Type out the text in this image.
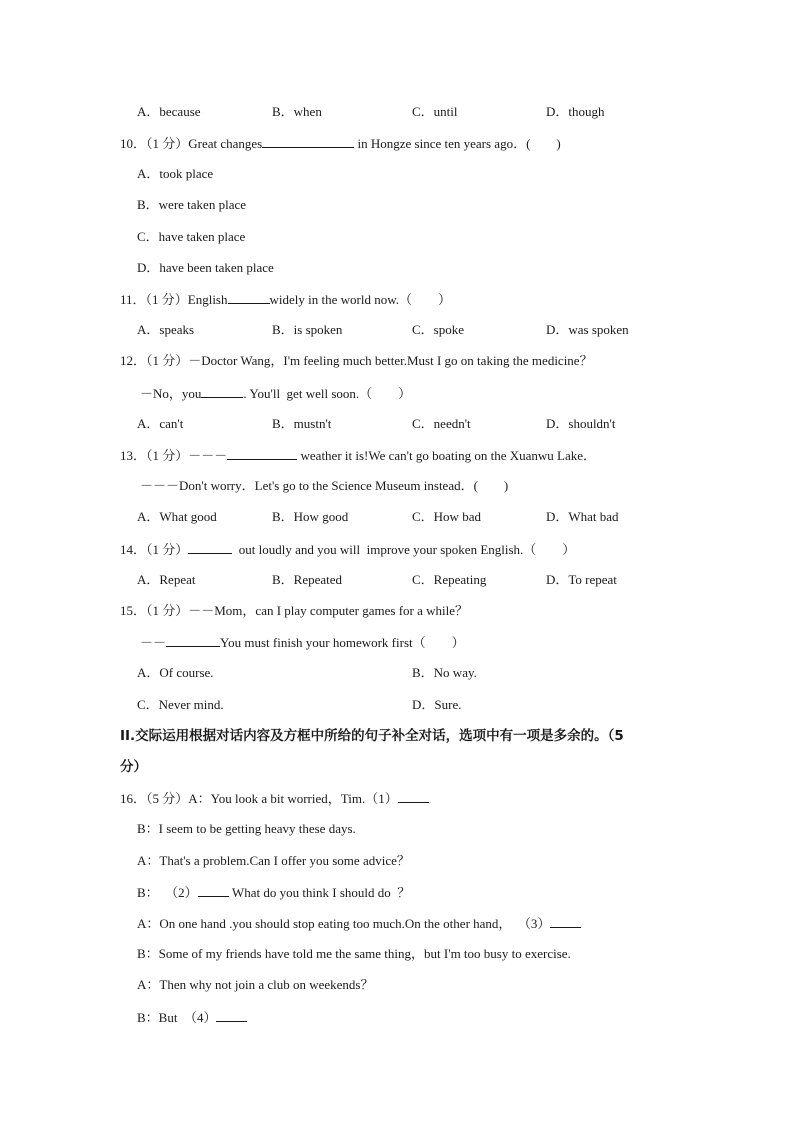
A．because	B．when	C．until	D．though
10．（1 分）Great changes	in Hongze since ten years ago．(　　)
A．took place
B．were taken place
C．have taken place
D．have been taken place
11．（1 分）English	widely in the world now.（　　）
A．speaks	B．is spoken	C．spoke	D．was spoken
12．（1 分）－Doctor Wang，I'm feeling much better.Must I go on taking the medicine？
－No，you	. You'll  get well soon.（　　）
A．can't	B．mustn't	C．needn't	D．shouldn't
13．（1 分）－－－	weather it is!We can't go boating on the Xuanwu Lake．
－－－Don't worry．Let's go to the Science Museum instead．(　　)
A．What good	B．How good	C．How bad	D．What bad
14．（1 分）	out loudly and you will  improve your spoken English.（　　）
A．Repeat	B．Repeated	C．Repeating	D．To repeat
15．（1 分）－－Mom，can I play computer games for a while？
－－	You must finish your homework first（　　）
A．Of course.	B．No way.
C．Never mind.	D．Sure.
II.交际运用根据对话内容及方框中所给的句子补全对话，选项中有一项是多余的。（5
分）
16．（5 分）A：You look a bit worried，Tim.（1）
B：I seem to be getting heavy these days.
A：That's a problem.Can I offer you some advice？
B：  （2） What do you think I should do  ？
A：On one hand .you should stop eating too much.On the other hand，  （3）
B：Some of my friends have told me the same thing，but I'm too busy to exercise.
A：Then why not join a club on weekends？
B：But  （4）
